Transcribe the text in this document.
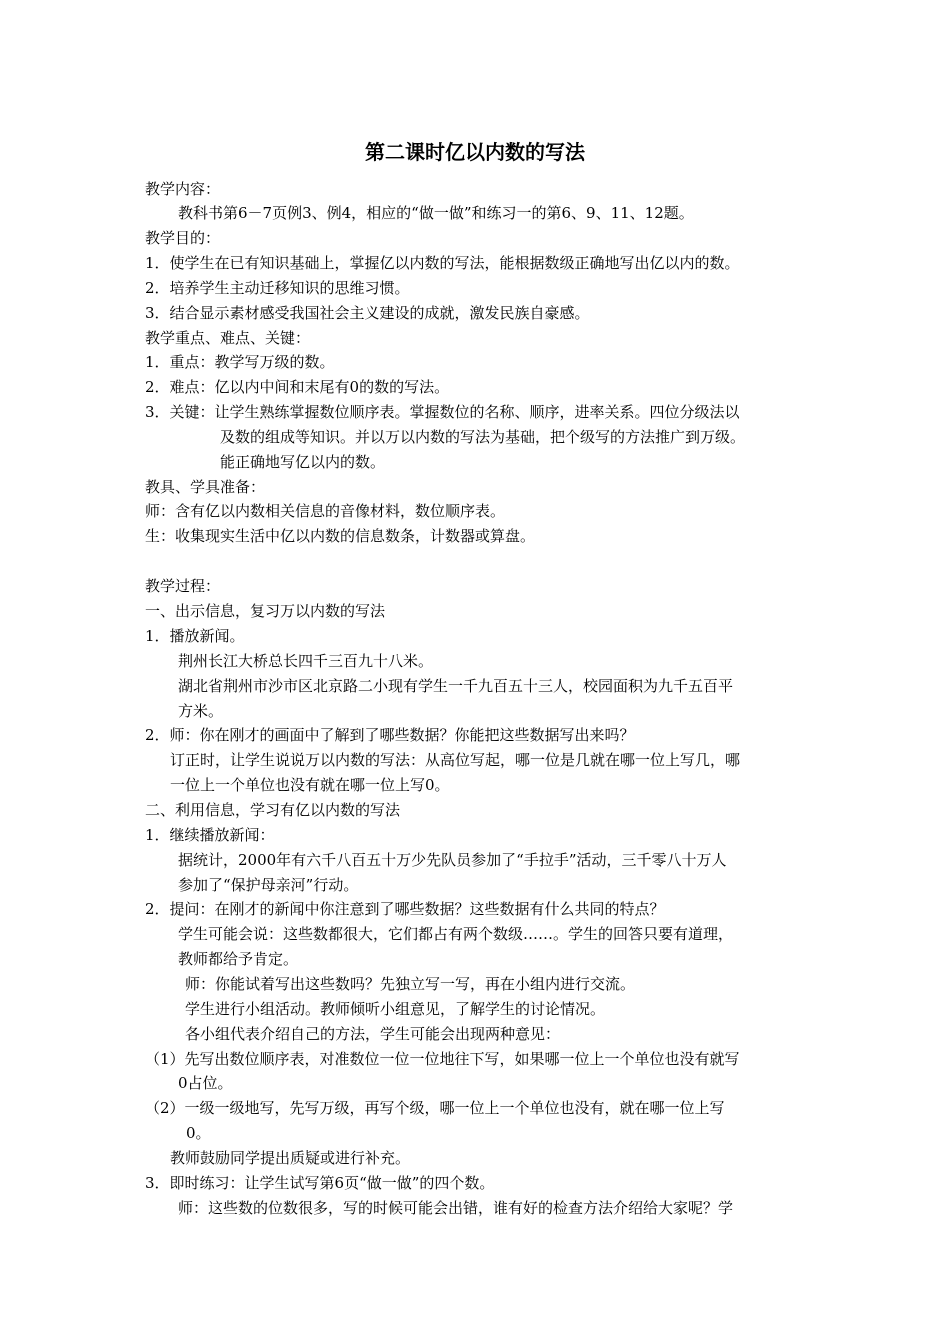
第二课时亿以内数的写法
教学内容：
教科书第6－7页例3、例4，相应的“做一做”和练习一的第6、9、11、12题。
教学目的：
1．使学生在已有知识基础上，掌握亿以内数的写法，能根据数级正确地写出亿以内的数。
2．培养学生主动迁移知识的思维习惯。
3．结合显示素材感受我国社会主义建设的成就，激发民族自豪感。
教学重点、难点、关键：
1．重点：教学写万级的数。
2．难点：亿以内中间和末尾有0的数的写法。
3．关键：让学生熟练掌握数位顺序表。掌握数位的名称、顺序，进率关系。四位分级法以
及数的组成等知识。并以万以内数的写法为基础，把个级写的方法推广到万级。
能正确地写亿以内的数。
教具、学具准备：
师：含有亿以内数相关信息的音像材料，数位顺序表。
生：收集现实生活中亿以内数的信息数条，计数器或算盘。
教学过程：
一、出示信息，复习万以内数的写法
1．播放新闻。
荆州长江大桥总长四千三百九十八米。
湖北省荆州市沙市区北京路二小现有学生一千九百五十三人，校园面积为九千五百平
方米。
2．师：你在刚才的画面中了解到了哪些数据？你能把这些数据写出来吗？
订正时，让学生说说万以内数的写法：从高位写起，哪一位是几就在哪一位上写几，哪
一位上一个单位也没有就在哪一位上写0。
二、利用信息，学习有亿以内数的写法
1．继续播放新闻：
据统计，2000年有六千八百五十万少先队员参加了“手拉手”活动，三千零八十万人
参加了“保护母亲河”行动。
2．提问：在刚才的新闻中你注意到了哪些数据？这些数据有什么共同的特点？
学生可能会说：这些数都很大，它们都占有两个数级……。学生的回答只要有道理，
教师都给予肯定。
师：你能试着写出这些数吗？先独立写一写，再在小组内进行交流。
学生进行小组活动。教师倾听小组意见，了解学生的讨论情况。
各小组代表介绍自己的方法，学生可能会出现两种意见：
（1）先写出数位顺序表，对准数位一位一位地往下写，如果哪一位上一个单位也没有就写
0占位。
（2）一级一级地写，先写万级，再写个级，哪一位上一个单位也没有，就在哪一位上写
0。
教师鼓励同学提出质疑或进行补充。
3．即时练习：让学生试写第6页“做一做”的四个数。
师：这些数的位数很多，写的时候可能会出错，谁有好的检查方法介绍给大家呢？学
